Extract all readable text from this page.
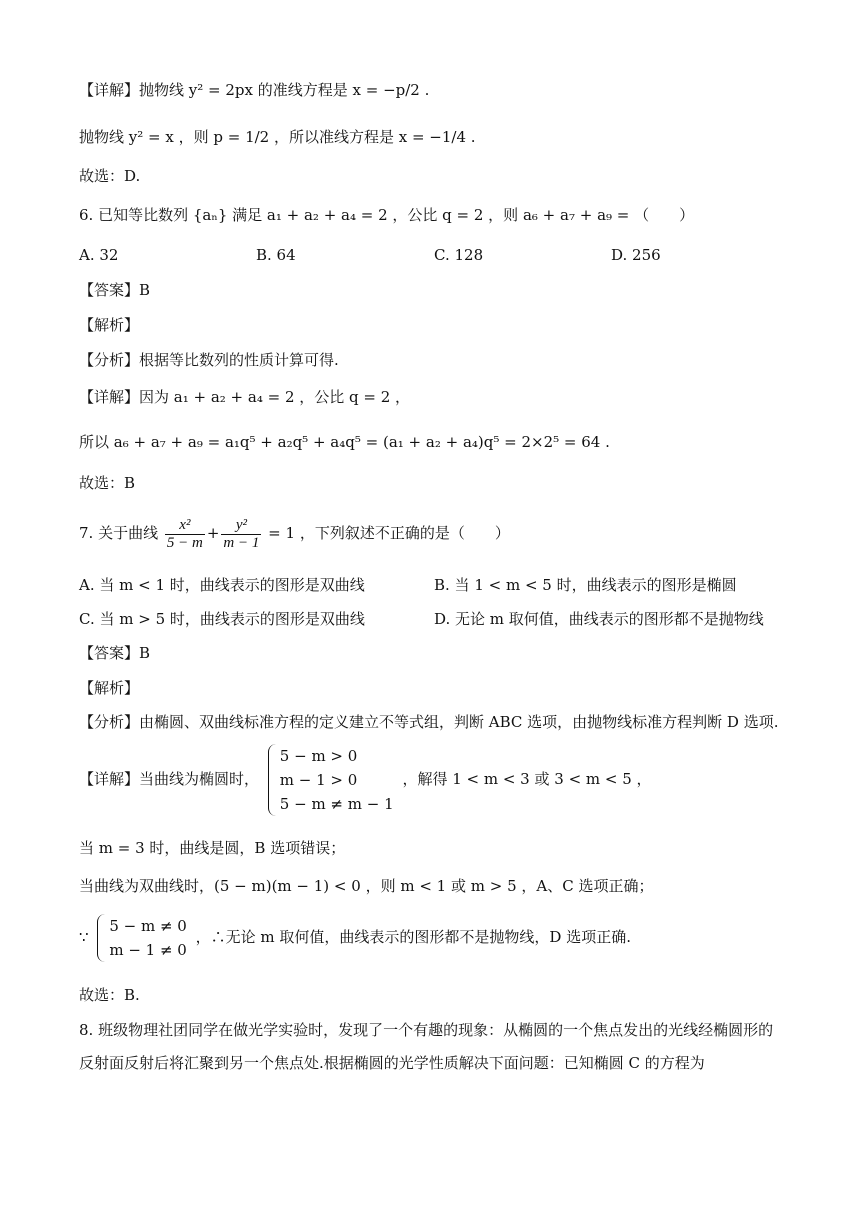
【详解】抛物线 y² = 2px 的准线方程是 x = −p/2 .
抛物线 y² = x ，则 p = 1/2 ，所以准线方程是 x = −1/4 .
故选：D.
6. 已知等比数列 {aₙ} 满足 a₁ + a₂ + a₄ = 2 ，公比 q = 2 ，则 a₆ + a₇ + a₉ = （　　）
A. 32	B. 64	C. 128	D. 256
【答案】B
【解析】
【分析】根据等比数列的性质计算可得.
【详解】因为 a₁ + a₂ + a₄ = 2 ，公比 q = 2 ，
所以 a₆ + a₇ + a₉ = a₁q⁵ + a₂q⁵ + a₄q⁵ = (a₁ + a₂ + a₄)q⁵ = 2×2⁵ = 64 .
故选：B
7. 关于曲线 $\frac{\text{x²}}{5 - m} + \frac{\text{y²}}{m - 1} = 1$ ，下列叙述不正确的是（　　）
A. 当 m < 1 时，曲线表示的图形是双曲线	B. 当 1 < m < 5 时，曲线表示的图形是椭圆
C. 当 m > 5 时，曲线表示的图形是双曲线	D. 无论 m 取何值，曲线表示的图形都不是抛物线
【答案】B
【解析】
【分析】由椭圆、双曲线标准方程的定义建立不等式组，判断 ABC 选项，由抛物线标准方程判断 D 选项.
【详解】当曲线为椭圆时，
5 − m > 0
m − 1 > 0
5 − m ≠ m − 1
，解得 1 < m < 3 或 3 < m < 5 ，
当 m = 3 时，曲线是圆，B 选项错误；
当曲线为双曲线时，(5 − m)(m − 1) < 0 ，则 m < 1 或 m > 5 ，A、C 选项正确；
∵
5 − m ≠ 0
m − 1 ≠ 0
，∴无论 m 取何值，曲线表示的图形都不是抛物线，D 选项正确.
故选：B.
8. 班级物理社团同学在做光学实验时，发现了一个有趣的现象：从椭圆的一个焦点发出的光线经椭圆形的
反射面反射后将汇聚到另一个焦点处.根据椭圆的光学性质解决下面问题：已知椭圆 C 的方程为
